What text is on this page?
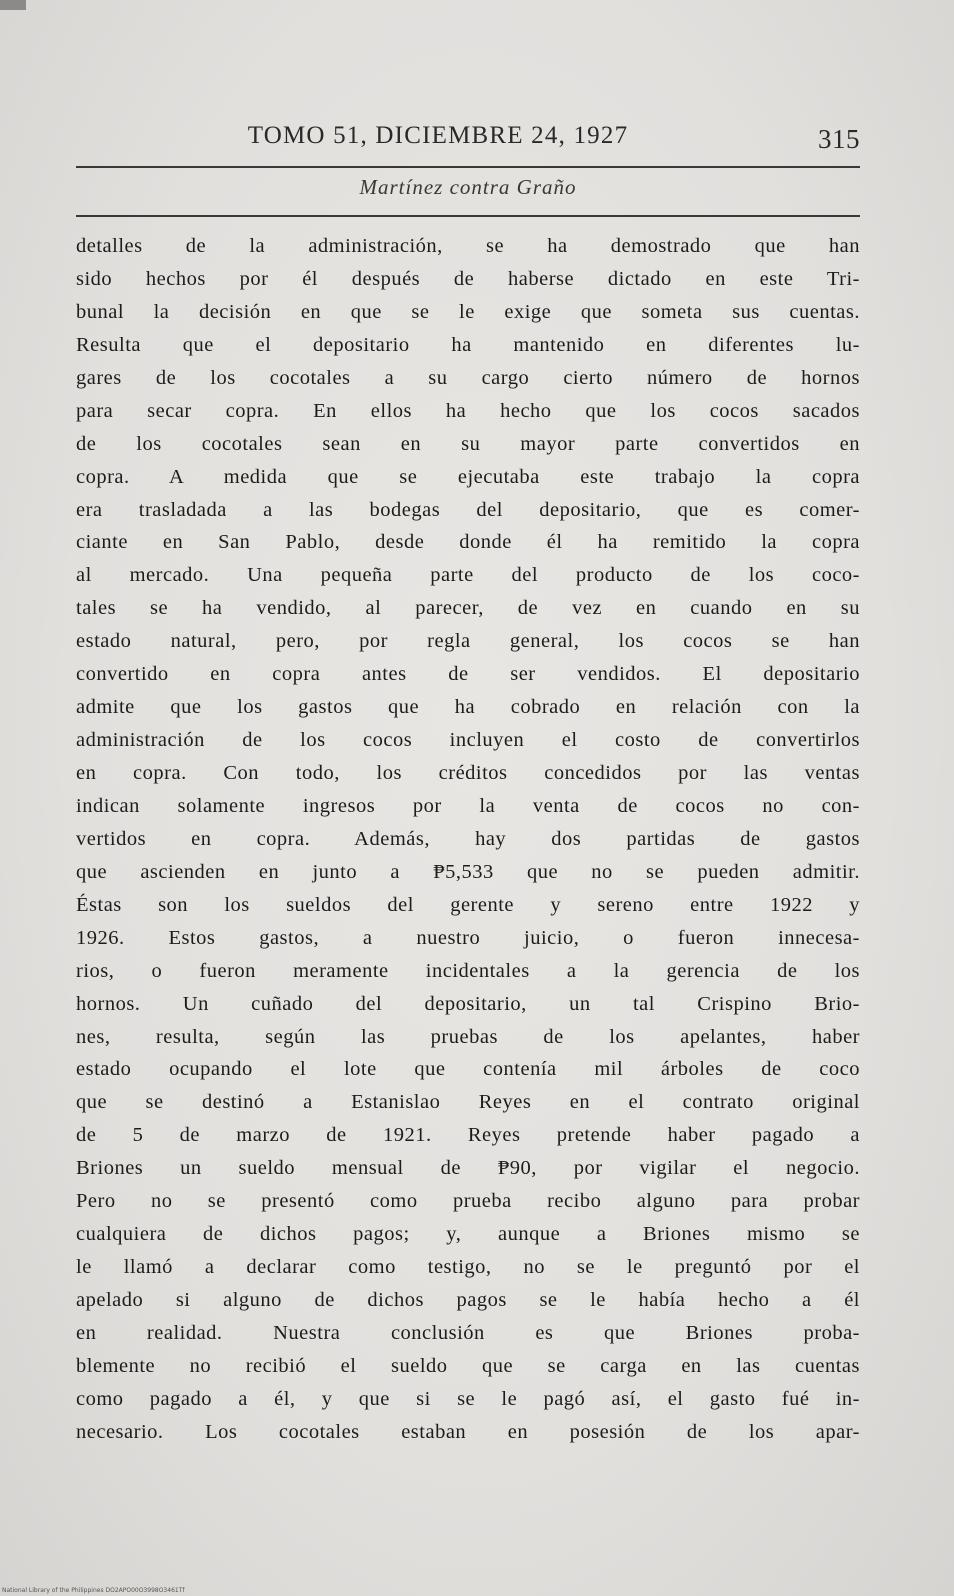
TOMO 51, DICIEMBRE 24, 1927	315
Martínez contra Graño
detalles de la administración, se ha demostrado que han
sido hechos por él después de haberse dictado en este Tri-
bunal la decisión en que se le exige que someta sus cuentas.
Resulta que el depositario ha mantenido en diferentes lu-
gares de los cocotales a su cargo cierto número de hornos
para secar copra. En ellos ha hecho que los cocos sacados
de los cocotales sean en su mayor parte convertidos en
copra. A medida que se ejecutaba este trabajo la copra
era trasladada a las bodegas del depositario, que es comer-
ciante en San Pablo, desde donde él ha remitido la copra
al mercado. Una pequeña parte del producto de los coco-
tales se ha vendido, al parecer, de vez en cuando en su
estado natural, pero, por regla general, los cocos se han
convertido en copra antes de ser vendidos. El depositario
admite que los gastos que ha cobrado en relación con la
administración de los cocos incluyen el costo de convertirlos
en copra. Con todo, los créditos concedidos por las ventas
indican solamente ingresos por la venta de cocos no con-
vertidos en copra. Además, hay dos partidas de gastos
que ascienden en junto a ₱5,533 que no se pueden admitir.
Éstas son los sueldos del gerente y sereno entre 1922 y
1926. Estos gastos, a nuestro juicio, o fueron innecesa-
rios, o fueron meramente incidentales a la gerencia de los
hornos. Un cuñado del depositario, un tal Crispino Brio-
nes, resulta, según las pruebas de los apelantes, haber
estado ocupando el lote que contenía mil árboles de coco
que se destinó a Estanislao Reyes en el contrato original
de 5 de marzo de 1921. Reyes pretende haber pagado a
Briones un sueldo mensual de ₱90, por vigilar el negocio.
Pero no se presentó como prueba recibo alguno para probar
cualquiera de dichos pagos; y, aunque a Briones mismo se
le llamó a declarar como testigo, no se le preguntó por el
apelado si alguno de dichos pagos se le había hecho a él
en realidad. Nuestra conclusión es que Briones proba-
blemente no recibió el sueldo que se carga en las cuentas
como pagado a él, y que si se le pagó así, el gasto fué in-
necesario. Los cocotales estaban en posesión de los apar-
National Library of the Philippines DO2APO00O3998O3461Tf
